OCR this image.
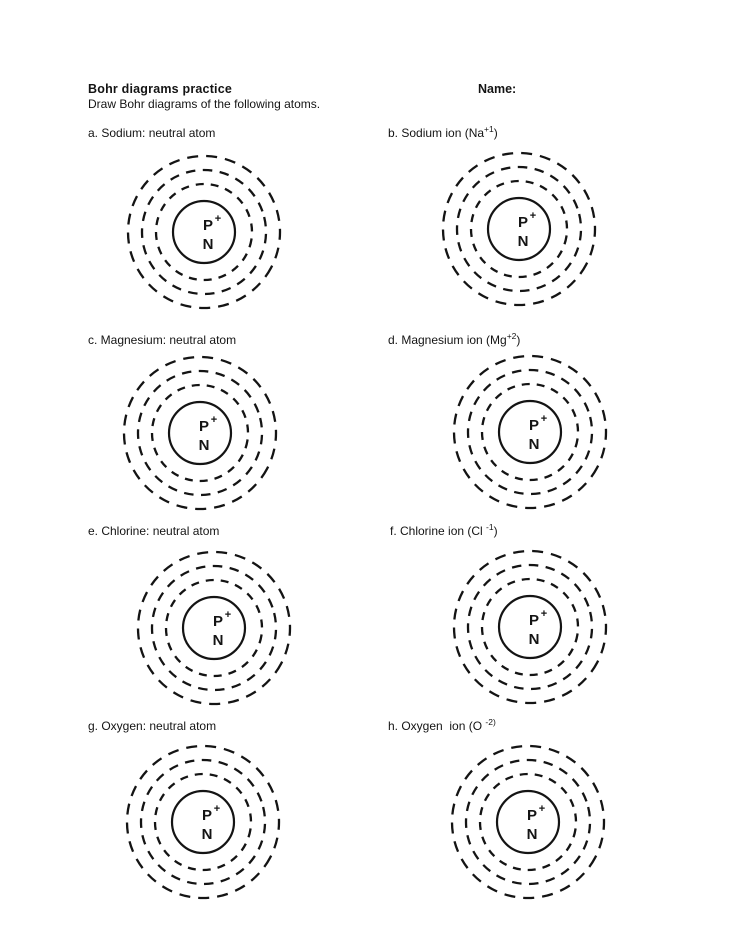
Bohr diagrams practice	Name:
Draw Bohr diagrams of the following atoms.
a. Sodium: neutral atom
P +
N
b. Sodium ion $(Na^{+1})$
P +
N
c. Magnesium: neutral atom
P +
N
d. Magnesium ion $(Mg^{+2})$
P +
N
e. Chlorine: neutral atom
P +
N
f. Chlorine ion (Cl $^{-1}$)
P +
N
g. Oxygen: neutral atom
P +
N
h. Oxygen  ion (O $^{-2)}$
P +
N
